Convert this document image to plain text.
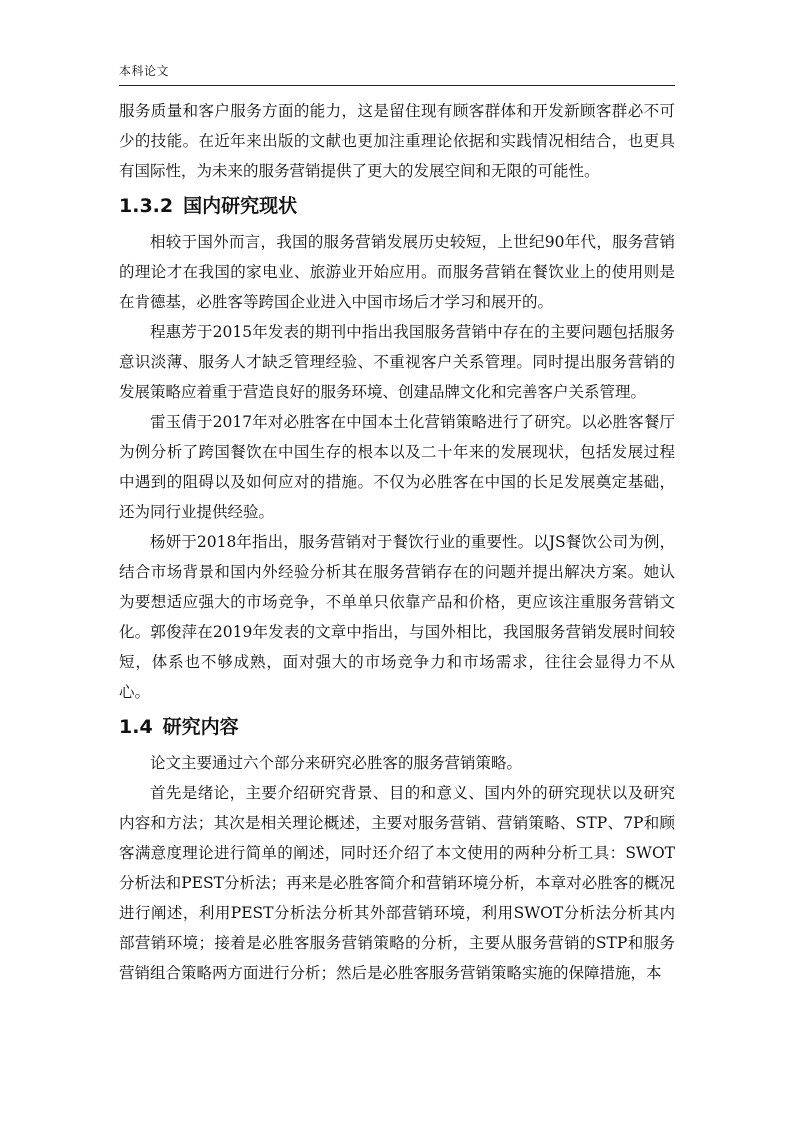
本科论文

服务质量和客户服务方面的能力，这是留住现有顾客群体和开发新顾客群必不可少的技能。在近年来出版的文献也更加注重理论依据和实践情况相结合，也更具有国际性，为未来的服务营销提供了更大的发展空间和无限的可能性。

1.3.2 国内研究现状

相较于国外而言，我国的服务营销发展历史较短，上世纪90年代，服务营销的理论才在我国的家电业、旅游业开始应用。而服务营销在餐饮业上的使用则是在肯德基，必胜客等跨国企业进入中国市场后才学习和展开的。

程惠芳于2015年发表的期刊中指出我国服务营销中存在的主要问题包括服务意识淡薄、服务人才缺乏管理经验、不重视客户关系管理。同时提出服务营销的发展策略应着重于营造良好的服务环境、创建品牌文化和完善客户关系管理。

雷玉倩于2017年对必胜客在中国本土化营销策略进行了研究。以必胜客餐厅为例分析了跨国餐饮在中国生存的根本以及二十年来的发展现状，包括发展过程中遇到的阻碍以及如何应对的措施。不仅为必胜客在中国的长足发展奠定基础，还为同行业提供经验。

杨妍于2018年指出，服务营销对于餐饮行业的重要性。以JS餐饮公司为例，结合市场背景和国内外经验分析其在服务营销存在的问题并提出解决方案。她认为要想适应强大的市场竞争，不单单只依靠产品和价格，更应该注重服务营销文化。郭俊萍在2019年发表的文章中指出，与国外相比，我国服务营销发展时间较短，体系也不够成熟，面对强大的市场竞争力和市场需求，往往会显得力不从心。

1.4 研究内容

论文主要通过六个部分来研究必胜客的服务营销策略。

首先是绪论，主要介绍研究背景、目的和意义、国内外的研究现状以及研究内容和方法；其次是相关理论概述，主要对服务营销、营销策略、STP、7P和顾客满意度理论进行简单的阐述，同时还介绍了本文使用的两种分析工具：SWOT分析法和PEST分析法；再来是必胜客简介和营销环境分析，本章对必胜客的概况进行阐述，利用PEST分析法分析其外部营销环境，利用SWOT分析法分析其内部营销环境；接着是必胜客服务营销策略的分析，主要从服务营销的STP和服务营销组合策略两方面进行分析；然后是必胜客服务营销策略实施的保障措施，本
